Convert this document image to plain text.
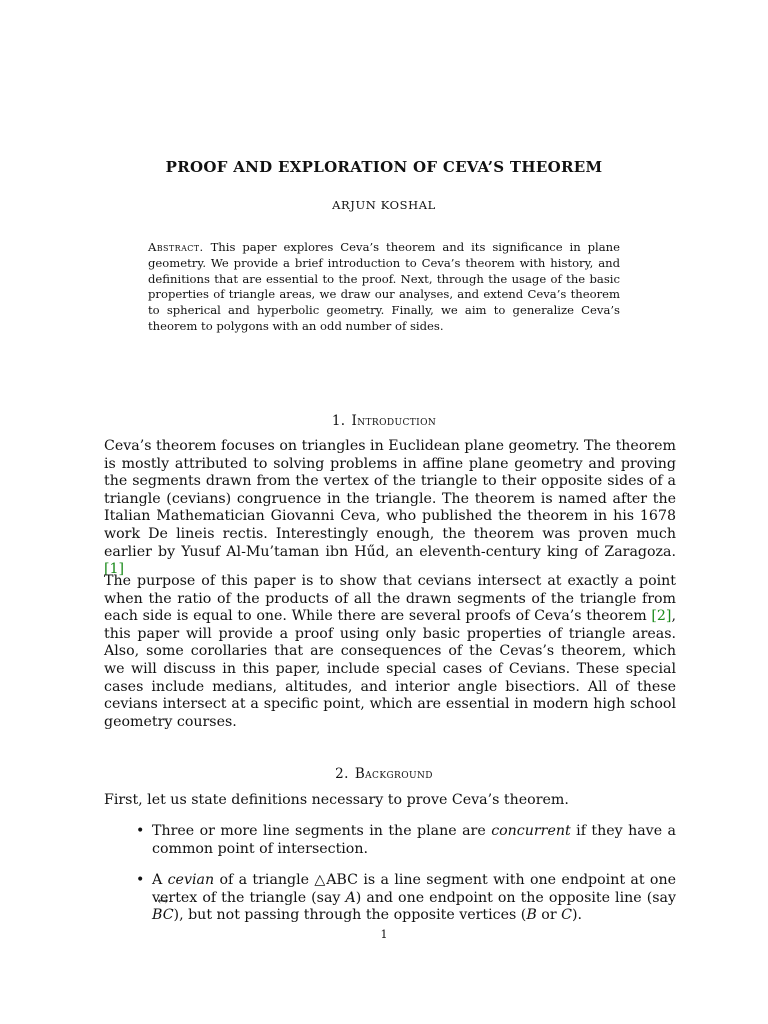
PROOF AND EXPLORATION OF CEVA’S THEOREM
ARJUN KOSHAL
Abstract. This paper explores Ceva’s theorem and its significance in plane geometry. We provide a brief introduction to Ceva’s theorem with history, and definitions that are essential to the proof. Next, through the usage of the basic properties of triangle areas, we draw our analyses, and extend Ceva’s theorem to spherical and hyperbolic geometry. Finally, we aim to generalize Ceva’s theorem to polygons with an odd number of sides.
1. Introduction
Ceva’s theorem focuses on triangles in Euclidean plane geometry. The theorem is mostly attributed to solving problems in affine plane geometry and proving the segments drawn from the vertex of the triangle to their opposite sides of a triangle (cevians) congruence in the triangle. The theorem is named after the Italian Mathematician Giovanni Ceva, who published the theorem in his 1678 work De lineis rectis. Interestingly enough, the theorem was proven much earlier by Yusuf Al-Mu’taman ibn Hűd, an eleventh-century king of Zaragoza. [1]
The purpose of this paper is to show that cevians intersect at exactly a point when the ratio of the products of all the drawn segments of the triangle from each side is equal to one. While there are several proofs of Ceva’s theorem [2], this paper will provide a proof using only basic properties of triangle areas. Also, some corollaries that are consequences of the Cevas’s theorem, which we will discuss in this paper, include special cases of Cevians. These special cases include medians, altitudes, and interior angle bisectiors. All of these cevians intersect at a specific point, which are essential in modern high school geometry courses.
2. Background
First, let us state definitions necessary to prove Ceva’s theorem.
• Three or more line segments in the plane are concurrent if they have a common point of intersection.
• A cevian of a triangle △ABC is a line segment with one endpoint at one vertex of the triangle (say A) and one endpoint on the opposite line (say ↔ BC), but not passing through the opposite vertices (B or C).
1
